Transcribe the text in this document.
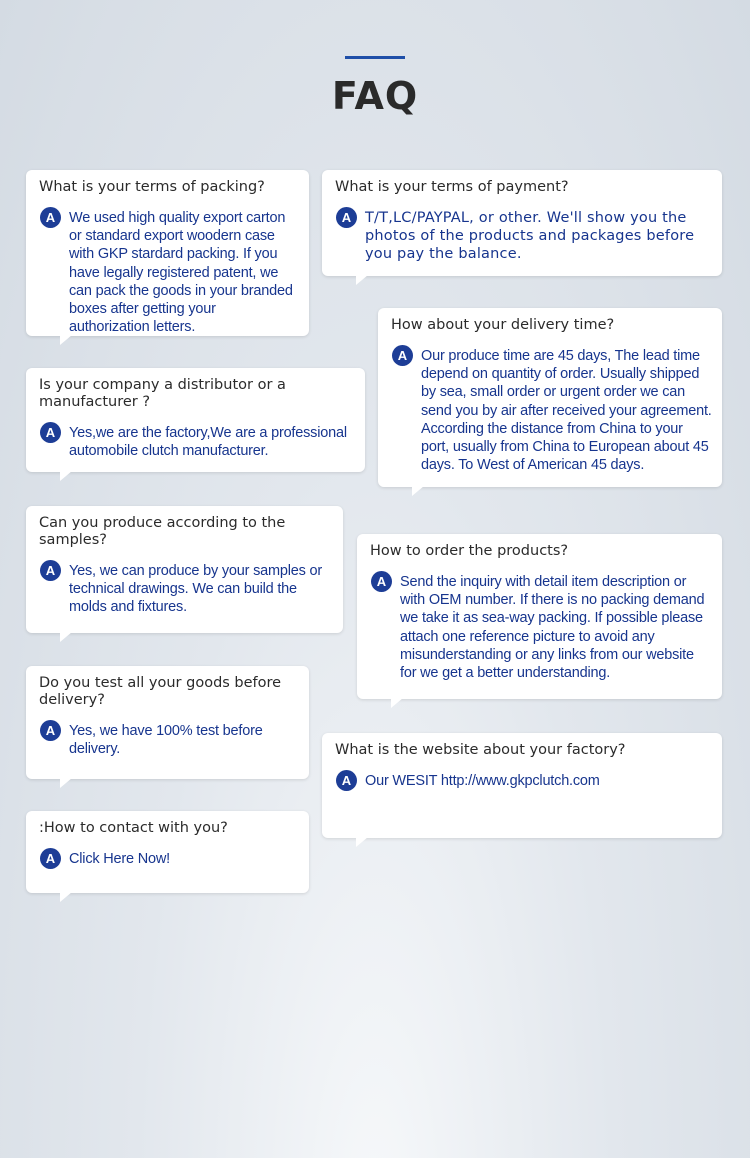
FAQ
What is your terms of packing?
A We used high quality export carton or standard export woodern case with GKP stardard packing. If you have legally registered patent, we can pack the goods in your branded boxes after getting your authorization letters.
What is your terms of payment?
A T/T,LC/PAYPAL, or other. We'll show you the photos of the products and packages before you pay the balance.
How about your delivery time?
A Our produce time are 45 days, The lead time depend on quantity of order. Usually shipped by sea, small order or urgent order we can send you by air after received your agreement. According the distance from China to your port, usually from China to European about 45 days. To West of American 45 days.
Is your company a distributor or a manufacturer ?
A Yes,we are the factory,We are a professional automobile clutch manufacturer.
Can you produce according to the samples?
A Yes, we can produce by your samples or technical drawings. We can build the molds and fixtures.
How to order the products?
A Send the inquiry with detail item description or with OEM number. If there is no packing demand we take it as sea-way packing. If possible please attach one reference picture to avoid any misunderstanding or any links from our website for we get a better understanding.
Do you test all your goods before delivery?
A Yes, we have 100% test before delivery.	What is the website about your factory?
A Our WESIT http://www.gkpclutch.com
:How to contact with you?
A Click Here Now!
